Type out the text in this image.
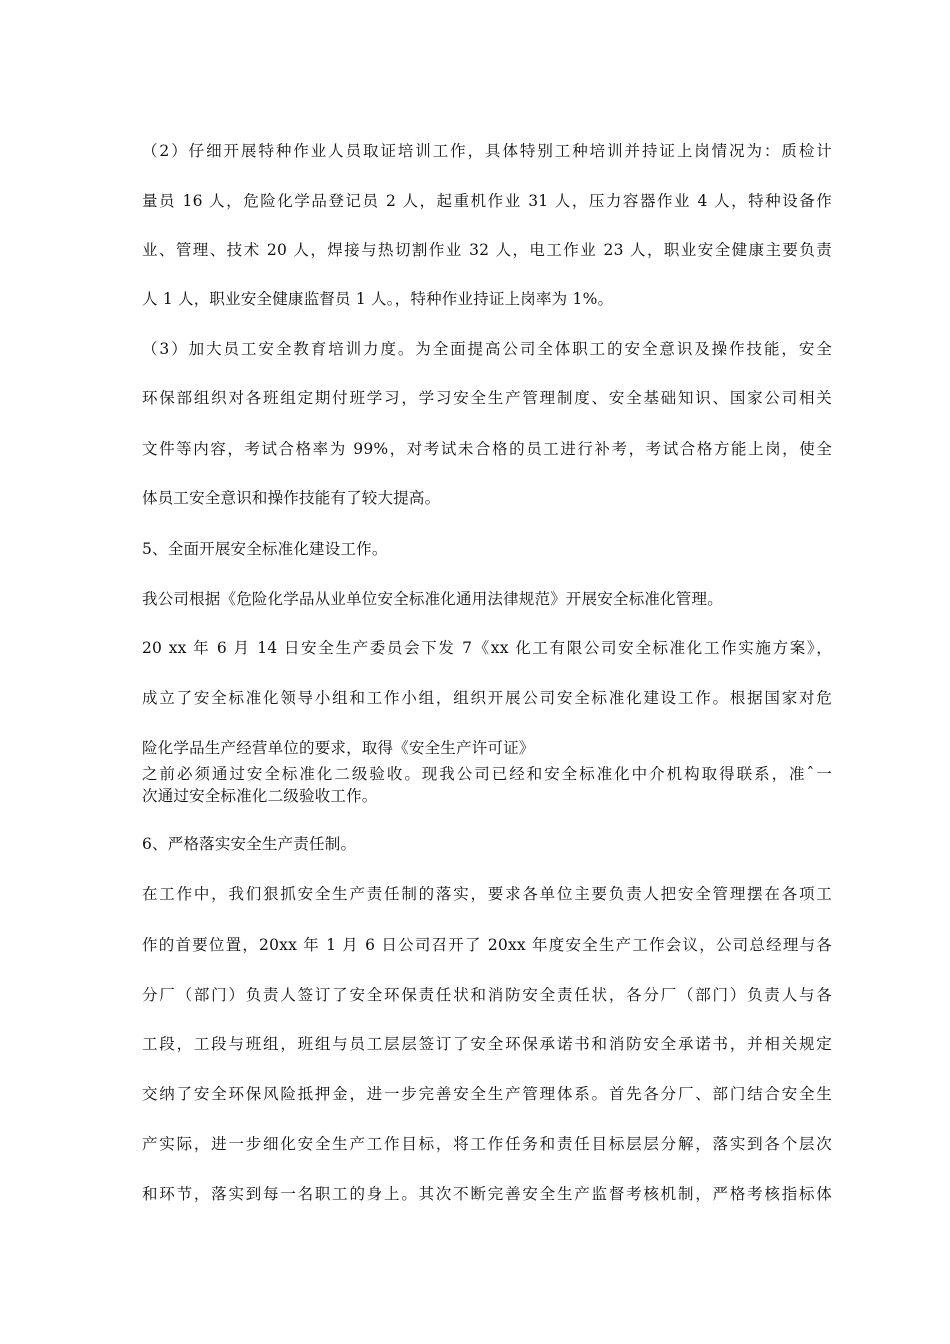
（2）仔细开展特种作业人员取证培训工作，具体特别工种培训并持证上岗情况为：质检计
量员 16 人，危险化学品登记员 2 人，起重机作业 31 人，压力容器作业 4 人，特种设备作
业、管理、技术 20 人，焊接与热切割作业 32 人，电工作业 23 人，职业安全健康主要负责
人 1 人，职业安全健康监督员 1 人。，特种作业持证上岗率为 1%。
（3）加大员工安全教育培训力度。为全面提高公司全体职工的安全意识及操作技能，安全
环保部组织对各班组定期付班学习，学习安全生产管理制度、安全基础知识、国家公司相关
文件等内容，考试合格率为 99%，对考试未合格的员工进行补考，考试合格方能上岗，使全
体员工安全意识和操作技能有了较大提高。
5、全面开展安全标准化建设工作。
我公司根据《危险化学品从业单位安全标准化通用法律规范》开展安全标准化管理。
20 xx 年 6 月 14 日安全生产委员会下发 7《xx 化工有限公司安全标准化工作实施方案》，
成立了安全标准化领导小组和工作小组，组织开展公司安全标准化建设工作。根据国家对危
险化学品生产经营单位的要求，取得《安全生产许可证》
之前必须通过安全标准化二级验收。现我公司已经和安全标准化中介机构取得联系，准ˆ一
次通过安全标准化二级验收工作。
6、严格落实安全生产责任制。
在工作中，我们狠抓安全生产责任制的落实，要求各单位主要负责人把安全管理摆在各项工
作的首要位置，20xx 年 1 月 6 日公司召开了 20xx 年度安全生产工作会议，公司总经理与各
分厂（部门）负责人签订了安全环保责任状和消防安全责任状，各分厂（部门）负责人与各
工段，工段与班组，班组与员工层层签订了安全环保承诺书和消防安全承诺书，并相关规定
交纳了安全环保风险抵押金，进一步完善安全生产管理体系。首先各分厂、部门结合安全生
产实际，进一步细化安全生产工作目标，将工作任务和责任目标层层分解，落实到各个层次
和环节，落实到每一名职工的身上。其次不断完善安全生产监督考核机制，严格考核指标体
